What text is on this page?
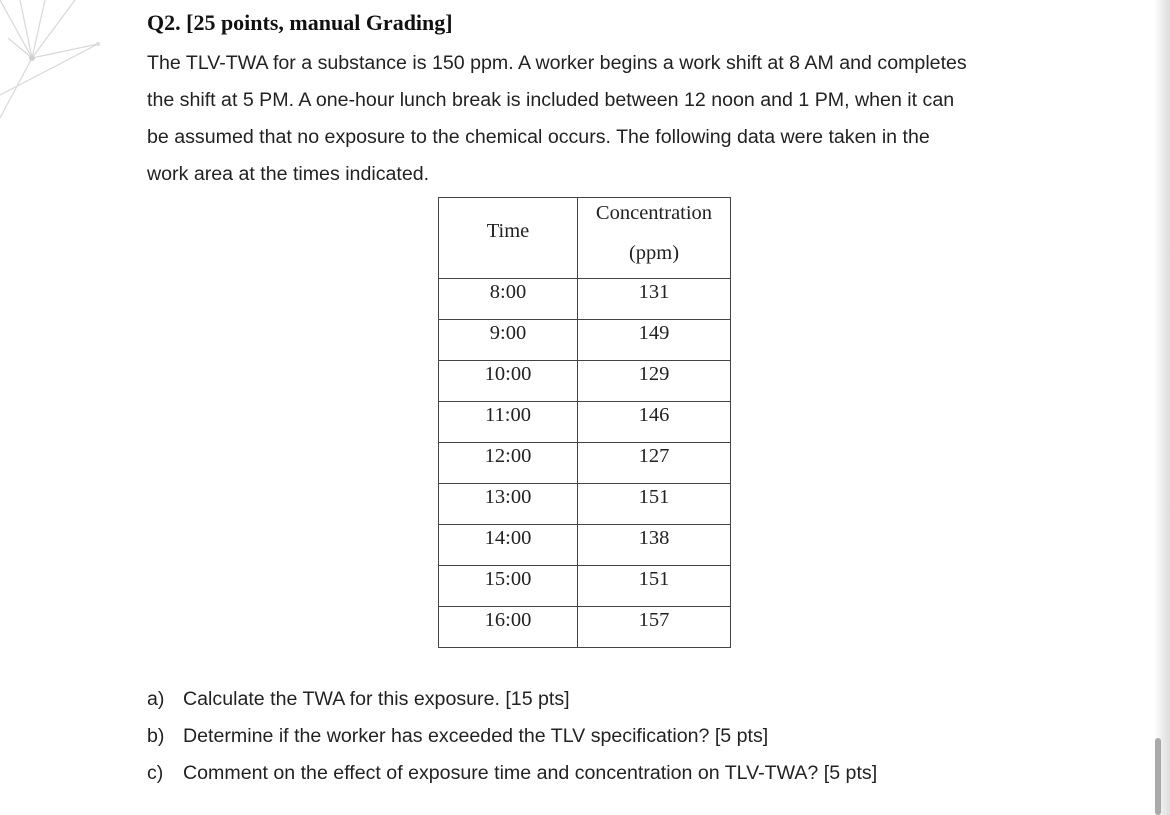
Q2. [25 points, manual Grading]

The TLV-TWA for a substance is 150 ppm. A worker begins a work shift at 8 AM and completes
the shift at 5 PM. A one-hour lunch break is included between 12 noon and 1 PM, when it can
be assumed that no exposure to the chemical occurs. The following data were taken in the
work area at the times indicated.

Time	Concentration
(ppm)

8:00	131

9:00	149

10:00	129

11:00	146

12:00	127

13:00	151

14:00	138

15:00	151

16:00	157
a) Calculate the TWA for this exposure. [15 pts]
b) Determine if the worker has exceeded the TLV specification? [5 pts]
c) Comment on the effect of exposure time and concentration on TLV-TWA? [5 pts]
